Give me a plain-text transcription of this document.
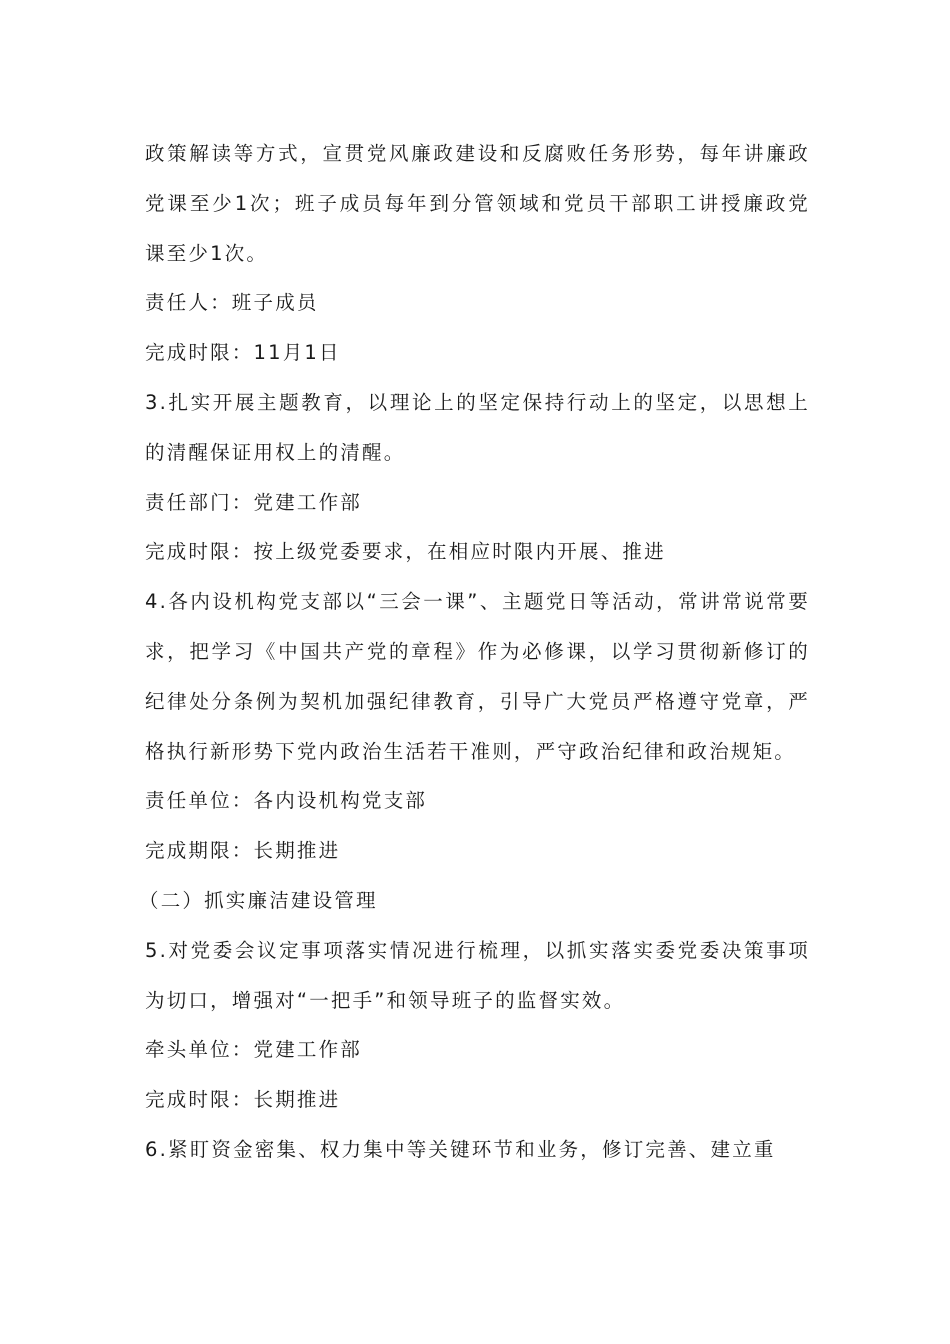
政策解读等方式，宣贯党风廉政建设和反腐败任务形势，每年讲廉政党课至少1次；班子成员每年到分管领域和党员干部职工讲授廉政党课至少1次。

责任人：班子成员

完成时限：11月1日

3.扎实开展主题教育，以理论上的坚定保持行动上的坚定，以思想上的清醒保证用权上的清醒。

责任部门：党建工作部

完成时限：按上级党委要求，在相应时限内开展、推进

4.各内设机构党支部以“三会一课”、主题党日等活动，常讲常说常要求，把学习《中国共产党的章程》作为必修课，以学习贯彻新修订的纪律处分条例为契机加强纪律教育，引导广大党员严格遵守党章，严格执行新形势下党内政治生活若干准则，严守政治纪律和政治规矩。

责任单位：各内设机构党支部

完成期限：长期推进

（二）抓实廉洁建设管理

5.对党委会议定事项落实情况进行梳理，以抓实落实委党委决策事项为切口，增强对“一把手”和领导班子的监督实效。

牵头单位：党建工作部

完成时限：长期推进

6.紧盯资金密集、权力集中等关键环节和业务，修订完善、建立重
